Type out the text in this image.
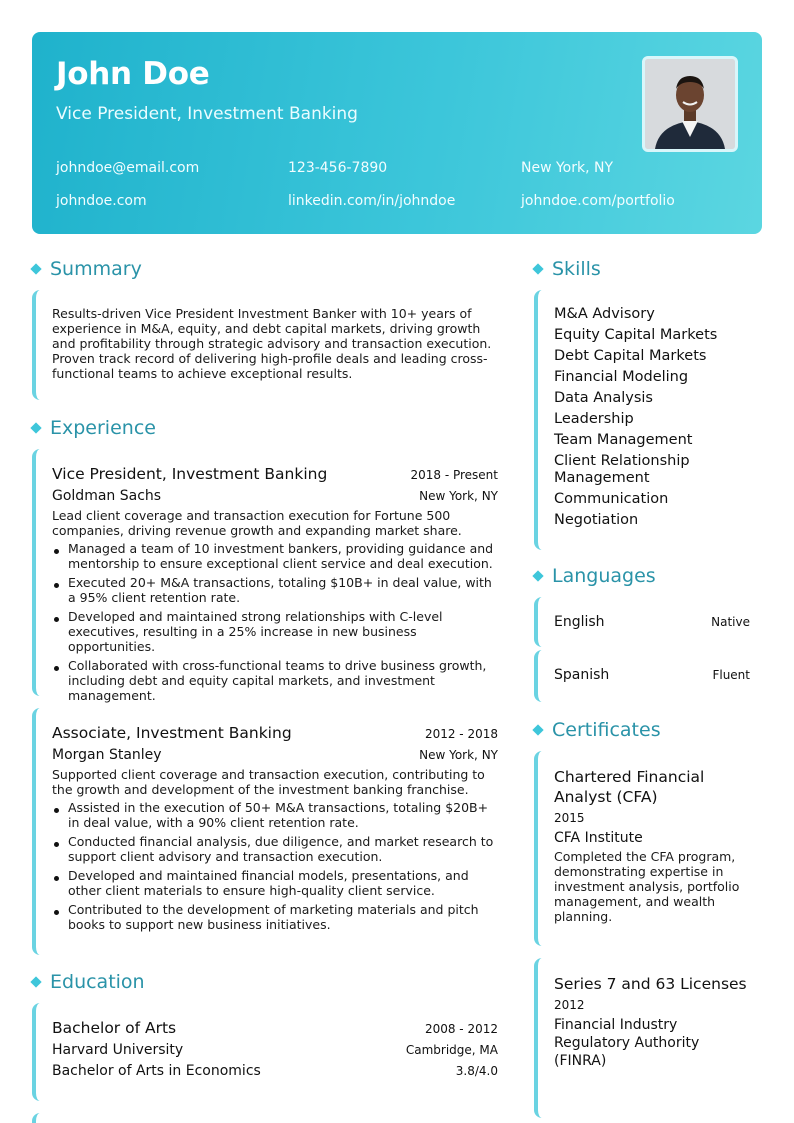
John Doe
Vice President, Investment Banking
johndoe@email.com	123-456-7890	New York, NY
johndoe.com	linkedin.com/in/johndoe	johndoe.com/portfolio
Summary
Results-driven Vice President Investment Banker with 10+ years of experience in M&A, equity, and debt capital markets, driving growth and profitability through strategic advisory and transaction execution. Proven track record of delivering high-profile deals and leading cross-functional teams to achieve exceptional results.
Experience
Vice President, Investment Banking	2018 - Present
Goldman Sachs	New York, NY
Lead client coverage and transaction execution for Fortune 500 companies, driving revenue growth and expanding market share.
Managed a team of 10 investment bankers, providing guidance and mentorship to ensure exceptional client service and deal execution.
Executed 20+ M&A transactions, totaling $10B+ in deal value, with a 95% client retention rate.
Developed and maintained strong relationships with C-level executives, resulting in a 25% increase in new business opportunities.
Collaborated with cross-functional teams to drive business growth, including debt and equity capital markets, and investment management.
Associate, Investment Banking	2012 - 2018
Morgan Stanley	New York, NY
Supported client coverage and transaction execution, contributing to the growth and development of the investment banking franchise.
Assisted in the execution of 50+ M&A transactions, totaling $20B+ in deal value, with a 90% client retention rate.
Conducted financial analysis, due diligence, and market research to support client advisory and transaction execution.
Developed and maintained financial models, presentations, and other client materials to ensure high-quality client service.
Contributed to the development of marketing materials and pitch books to support new business initiatives.
Education
Bachelor of Arts	2008 - 2012
Harvard University	Cambridge, MA
Bachelor of Arts in Economics	3.8/4.0
Skills
M&A Advisory
Equity Capital Markets
Debt Capital Markets
Financial Modeling
Data Analysis
Leadership
Team Management
Client Relationship Management
Communication
Negotiation
Languages
English	Native
Spanish	Fluent
Certificates
Chartered Financial Analyst (CFA)
2015
CFA Institute
Completed the CFA program, demonstrating expertise in investment analysis, portfolio management, and wealth planning.
Series 7 and 63 Licenses
2012
Financial Industry Regulatory Authority (FINRA)
